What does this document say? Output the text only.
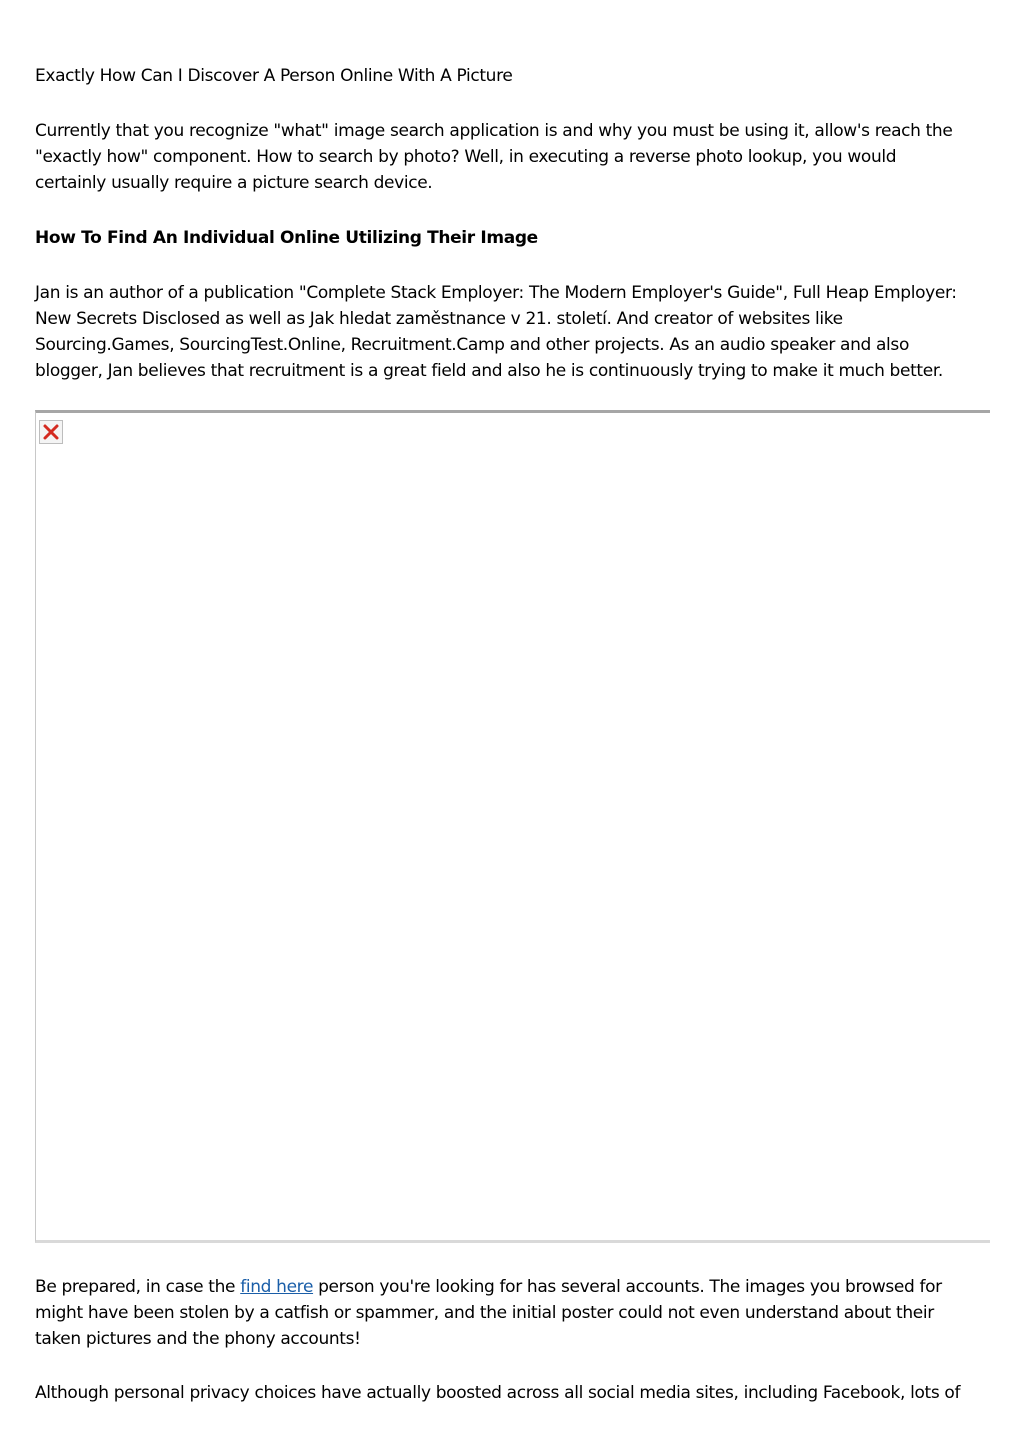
Exactly How Can I Discover A Person Online With A Picture

Currently that you recognize "what" image search application is and why you must be using it, allow's reach the
"exactly how" component. How to search by photo? Well, in executing a reverse photo lookup, you would
certainly usually require a picture search device.

How To Find An Individual Online Utilizing Their Image

Jan is an author of a publication "Complete Stack Employer: The Modern Employer's Guide", Full Heap Employer:
New Secrets Disclosed as well as Jak hledat zaměstnance v 21. století. And creator of websites like
Sourcing.Games, SourcingTest.Online, Recruitment.Camp and other projects. As an audio speaker and also
blogger, Jan believes that recruitment is a great field and also he is continuously trying to make it much better.

Be prepared, in case the find here person you're looking for has several accounts. The images you browsed for
might have been stolen by a catfish or spammer, and the initial poster could not even understand about their
taken pictures and the phony accounts!

Although personal privacy choices have actually boosted across all social media sites, including Facebook, lots of
